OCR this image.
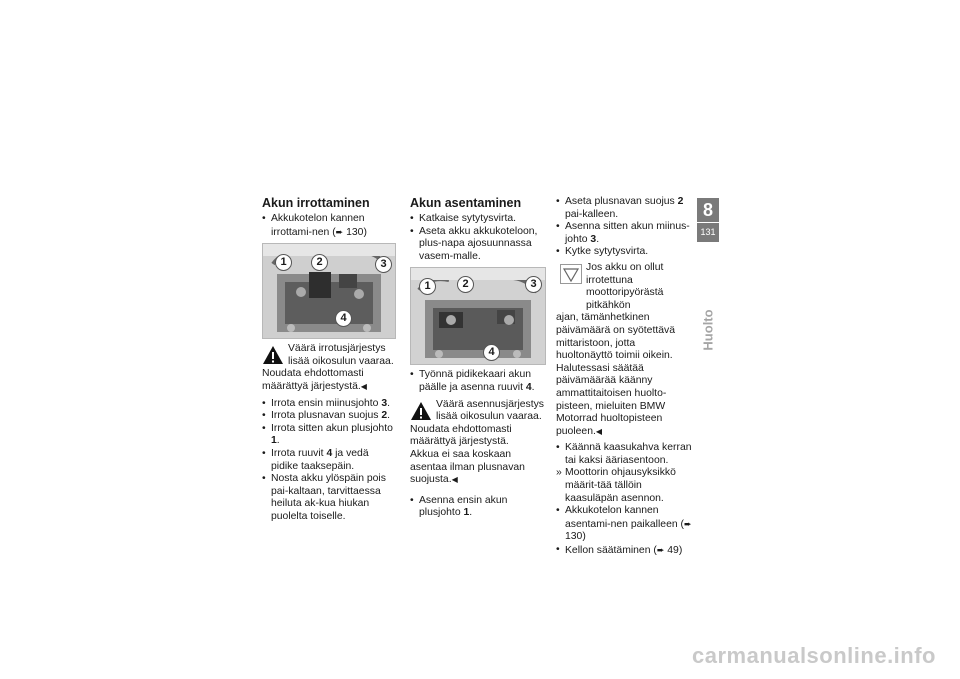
Akun irrottaminen
• Akkukotelon kannen irrottami-nen (➨ 130)
1	2	3
4
Väärä irrotusjärjestys lisää oikosulun vaaraa.
Noudata ehdottomasti määrättyä järjestystä.◀
• Irrota ensin miinusjohto 3.
• Irrota plusnavan suojus 2.
• Irrota sitten akun plusjohto 1.
• Irrota ruuvit 4 ja vedä pidike taaksepäin.
• Nosta akku ylöspäin pois pai-kaltaan, tarvittaessa heiluta ak-kua hiukan puolelta toiselle.
Akun asentaminen
• Katkaise sytytysvirta.
• Aseta akku akkukoteloon, plus-napa ajosuunnassa vasem-malle.
1	2	3
4
• Työnnä pidikekaari akun päälle ja asenna ruuvit 4.
Väärä asennusjärjestys lisää oikosulun vaaraa.
Noudata ehdottomasti määrättyä järjestystä.
Akkua ei saa koskaan asentaa ilman plusnavan suojusta.◀
• Asenna ensin akun plusjohto 1.
• Aseta plusnavan suojus 2 pai-kalleen.
• Asenna sitten akun miinus-johto 3.
• Kytke sytytysvirta.
Jos akku on ollut irrotettuna moottoripyörästä pitkähkön
ajan, tämänhetkinen päivämäärä on syötettävä mittaristoon, jotta huoltonäyttö toimii oikein. Halutessasi säätää päivämäärää käänny ammattitaitoisen huolto-pisteen, mieluiten BMW Motorrad huoltopisteen puoleen.◀
• Käännä kaasukahva kerran tai kaksi ääriasentoon.
» Moottorin ohjausyksikkö määrit-tää tällöin kaasuläpän asennon.
• Akkukotelon kannen asentami-nen paikalleen (➨ 130)
• Kellon säätäminen (➨ 49)
8
131
Huolto
carmanualsonline.info
